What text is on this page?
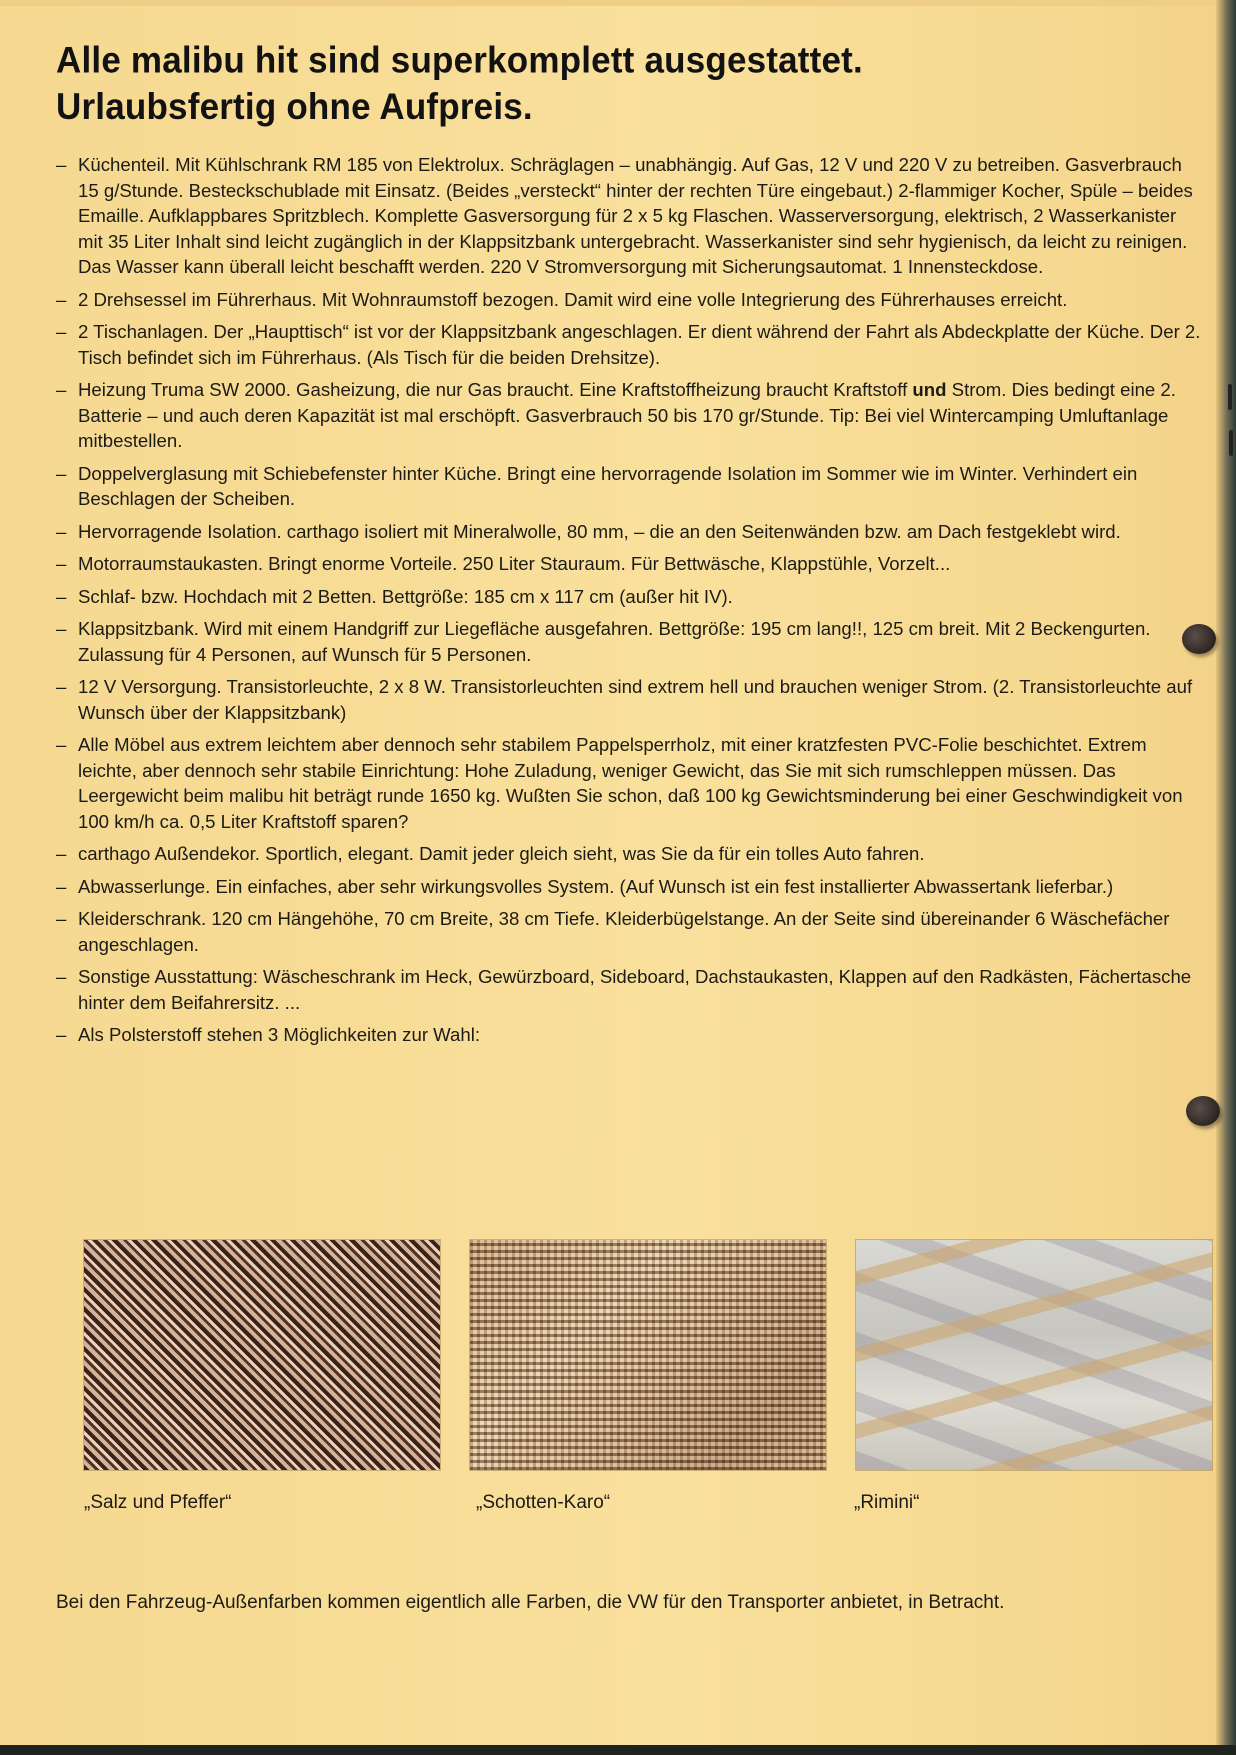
Alle malibu hit sind superkomplett ausgestattet.
Urlaubsfertig ohne Aufpreis.
– Küchenteil. Mit Kühlschrank RM 185 von Elektrolux. Schräglagen – unabhängig. Auf Gas, 12 V und 220 V zu betreiben. Gasverbrauch 15 g/Stunde. Besteckschublade mit Einsatz. (Beides „versteckt“ hinter der rechten Türe eingebaut.) 2-flammiger Kocher, Spüle – beides Emaille. Aufklappbares Spritzblech. Komplette Gasversorgung für 2 x 5 kg Flaschen. Wasserversorgung, elektrisch, 2 Wasserkanister mit 35 Liter Inhalt sind leicht zugänglich in der Klappsitzbank untergebracht. Wasserkanister sind sehr hygienisch, da leicht zu reinigen. Das Wasser kann überall leicht beschafft werden. 220 V Stromversorgung mit Sicherungsautomat. 1 Innensteckdose.
– 2 Drehsessel im Führerhaus. Mit Wohnraumstoff bezogen. Damit wird eine volle Integrierung des Führerhauses erreicht.
– 2 Tischanlagen. Der „Haupttisch“ ist vor der Klappsitzbank angeschlagen. Er dient während der Fahrt als Abdeckplatte der Küche. Der 2. Tisch befindet sich im Führerhaus. (Als Tisch für die beiden Drehsitze).
– Heizung Truma SW 2000. Gasheizung, die nur Gas braucht. Eine Kraftstoffheizung braucht Kraftstoff und Strom. Dies bedingt eine 2. Batterie – und auch deren Kapazität ist mal erschöpft. Gasverbrauch 50 bis 170 gr/Stunde. Tip: Bei viel Wintercamping Umluftanlage mitbestellen.
– Doppelverglasung mit Schiebefenster hinter Küche. Bringt eine hervorragende Isolation im Sommer wie im Winter. Verhindert ein Beschlagen der Scheiben.
– Hervorragende Isolation. carthago isoliert mit Mineralwolle, 80 mm, – die an den Seitenwänden bzw. am Dach festgeklebt wird.
– Motorraumstaukasten. Bringt enorme Vorteile. 250 Liter Stauraum. Für Bettwäsche, Klappstühle, Vorzelt...
– Schlaf- bzw. Hochdach mit 2 Betten. Bettgröße: 185 cm x 117 cm (außer hit IV).
– Klappsitzbank. Wird mit einem Handgriff zur Liegefläche ausgefahren. Bettgröße: 195 cm lang!!, 125 cm breit. Mit 2 Beckengurten. Zulassung für 4 Personen, auf Wunsch für 5 Personen.
– 12 V Versorgung. Transistorleuchte, 2 x 8 W. Transistorleuchten sind extrem hell und brauchen weniger Strom. (2. Transistorleuchte auf Wunsch über der Klappsitzbank)
– Alle Möbel aus extrem leichtem aber dennoch sehr stabilem Pappelsperrholz, mit einer kratzfesten PVC-Folie beschichtet. Extrem leichte, aber dennoch sehr stabile Einrichtung: Hohe Zuladung, weniger Gewicht, das Sie mit sich rumschleppen müssen. Das Leergewicht beim malibu hit beträgt runde 1650 kg. Wußten Sie schon, daß 100 kg Gewichtsminderung bei einer Geschwindigkeit von 100 km/h ca. 0,5 Liter Kraftstoff sparen?
– carthago Außendekor. Sportlich, elegant. Damit jeder gleich sieht, was Sie da für ein tolles Auto fahren.
– Abwasserlunge. Ein einfaches, aber sehr wirkungsvolles System. (Auf Wunsch ist ein fest installierter Abwassertank lieferbar.)
– Kleiderschrank. 120 cm Hängehöhe, 70 cm Breite, 38 cm Tiefe. Kleiderbügelstange. An der Seite sind übereinander 6 Wäschefächer angeschlagen.
– Sonstige Ausstattung: Wäscheschrank im Heck, Gewürzboard, Sideboard, Dachstaukasten, Klappen auf den Radkästen, Fächertasche hinter dem Beifahrersitz. ...
– Als Polsterstoff stehen 3 Möglichkeiten zur Wahl:
„Salz und Pfeffer“	„Schotten-Karo“	„Rimini“
Bei den Fahrzeug-Außenfarben kommen eigentlich alle Farben, die VW für den Transporter anbietet, in Betracht.
